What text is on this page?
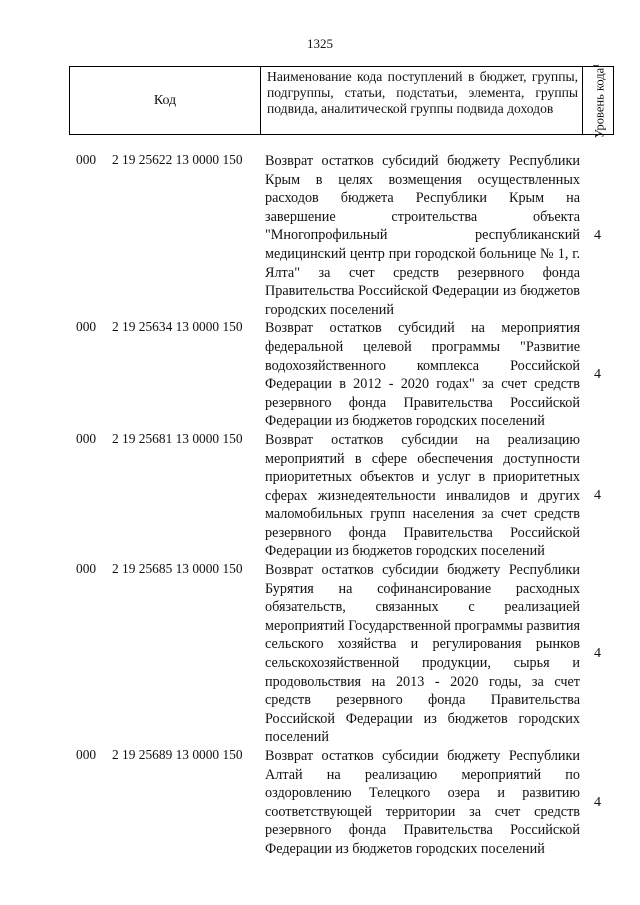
1325
Код
Наименование кода поступлений в бюджет, группы, подгруппы, статьи, подстатьи, элемента, группы подвида, аналитической группы подвида доходов	Уровень кода$^1$
000 2 19 25622 13 0000 150 Возврат остатков субсидий бюджету Республики Крым в целях возмещения осуществленных расходов бюджета Республики Крым на завершение строительства объекта "Многопрофильный республиканский медицинский центр при городской больнице № 1, г. Ялта" за счет средств резервного фонда Правительства Российской Федерации из бюджетов городских поселений
4
000 2 19 25634 13 0000 150 Возврат остатков субсидий на мероприятия федеральной целевой программы "Развитие водохозяйственного комплекса Российской Федерации в 2012 - 2020 годах" за счет средств резервного фонда Правительства Российской Федерации из бюджетов городских поселений
4
000 2 19 25681 13 0000 150 Возврат остатков субсидии на реализацию мероприятий в сфере обеспечения доступности приоритетных объектов и услуг в приоритетных сферах жизнедеятельности инвалидов и других маломобильных групп населения за счет средств резервного фонда Правительства Российской Федерации из бюджетов городских поселений
4
000 2 19 25685 13 0000 150 Возврат остатков субсидии бюджету Республики Бурятия на софинансирование расходных обязательств, связанных с реализацией мероприятий Государственной программы развития сельского хозяйства и регулирования рынков сельскохозяйственной продукции, сырья и продовольствия на 2013 - 2020 годы, за счет средств резервного фонда Правительства Российской Федерации из бюджетов городских поселений
4
000 2 19 25689 13 0000 150 Возврат остатков субсидии бюджету Республики Алтай на реализацию мероприятий по оздоровлению Телецкого озера и развитию соответствующей территории за счет средств резервного фонда Правительства Российской Федерации из бюджетов городских поселений
4
